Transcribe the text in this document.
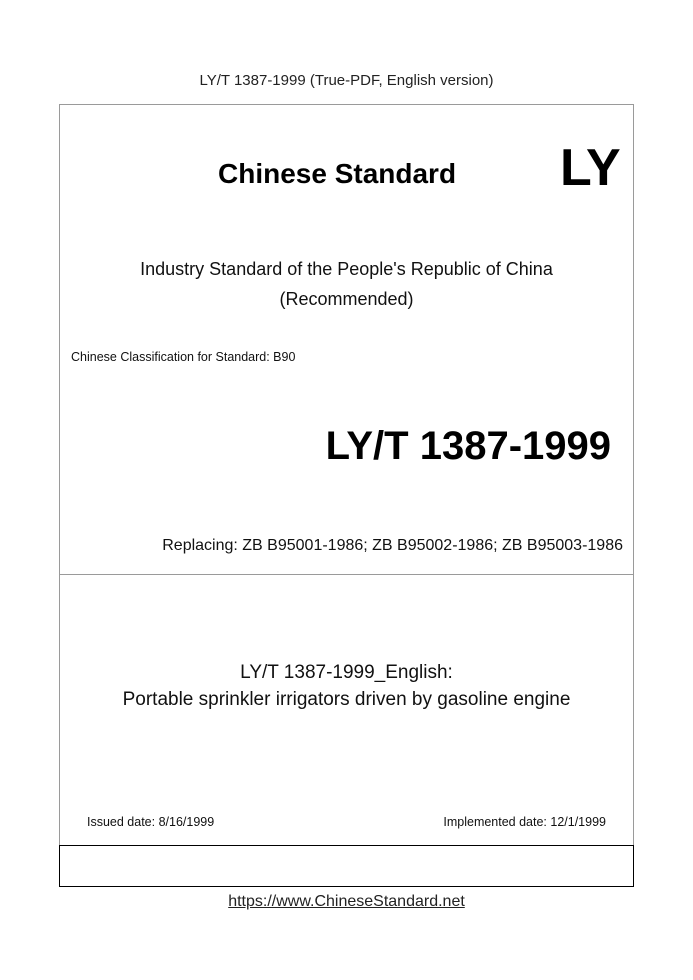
LY/T 1387-1999 (True-PDF, English version)
Chinese Standard LY
Industry Standard of the People's Republic of China
(Recommended)
Chinese Classification for Standard: B90
LY/T 1387-1999
Replacing: ZB B95001-1986; ZB B95002-1986; ZB B95003-1986
LY/T 1387-1999_English:
Portable sprinkler irrigators driven by gasoline engine
Issued date: 8/16/1999	Implemented date: 12/1/1999
https://www.ChineseStandard.net
